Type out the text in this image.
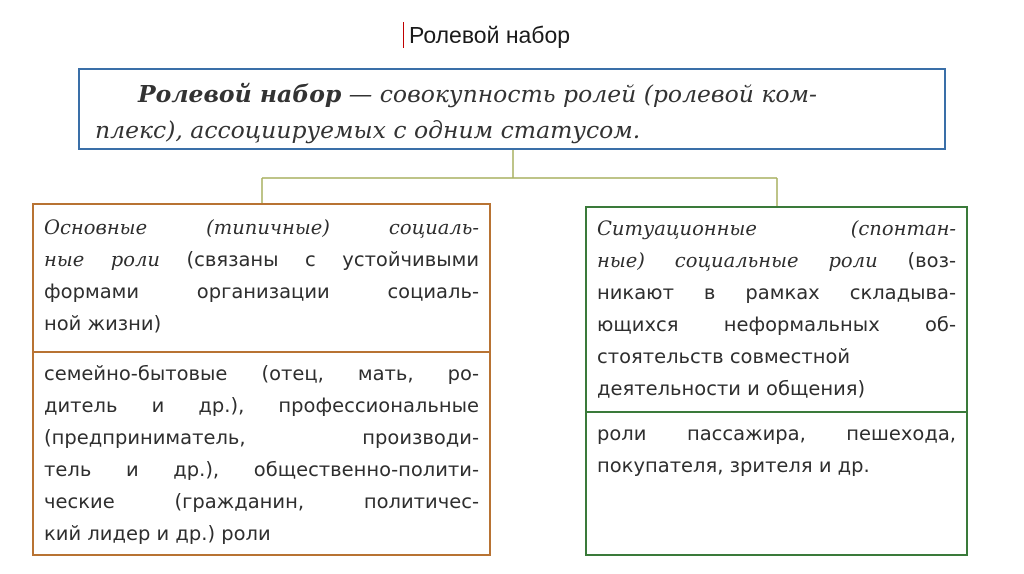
Ролевой набор
Ролевой набор — совокупность ролей (ролевой ком-
плекс), ассоциируемых с одним статусом.
Основные (типичные) социаль-
ные роли (связаны с устойчивыми
формами организации социаль-
ной жизни)
семейно-бытовые (отец, мать, ро-
дитель и др.), профессиональные
(предприниматель, производи-
тель и др.), общественно-полити-
ческие (гражданин, политичес-
кий лидер и др.) роли
Ситуационные (спонтан-
ные) социальные роли (воз-
никают в рамках складыва-
ющихся неформальных об-
стоятельств совместной
деятельности и общения)
роли пассажира, пешехода,
покупателя, зрителя и др.
